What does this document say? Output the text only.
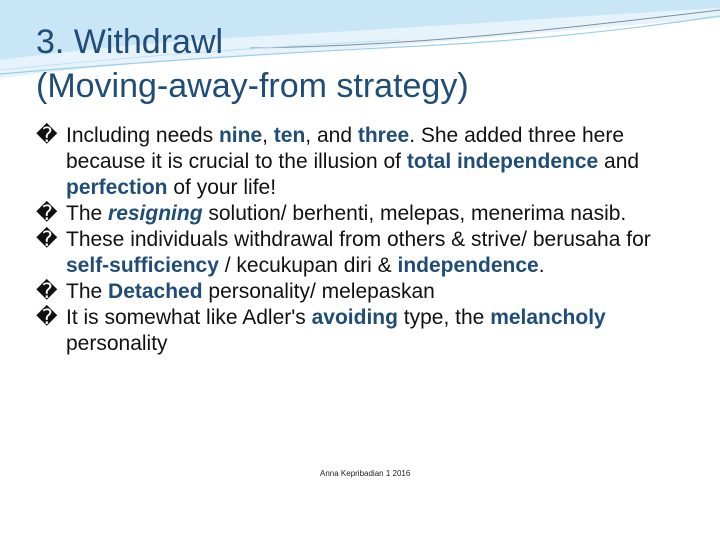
3. Withdrawl
(Moving-away-from strategy)
�
Including needs nine, ten, and three. She added three here because it is crucial to the illusion of total independence and perfection of your life!
�
The resigning solution/ berhenti, melepas, menerima nasib.
�
These individuals withdrawal from others & strive/ berusaha for self-sufficiency / kecukupan diri & independence.
�
The Detached personality/ melepaskan
�
It is somewhat like Adler's avoiding type, the melancholy personality
Anna Kepribadian 1 2016
